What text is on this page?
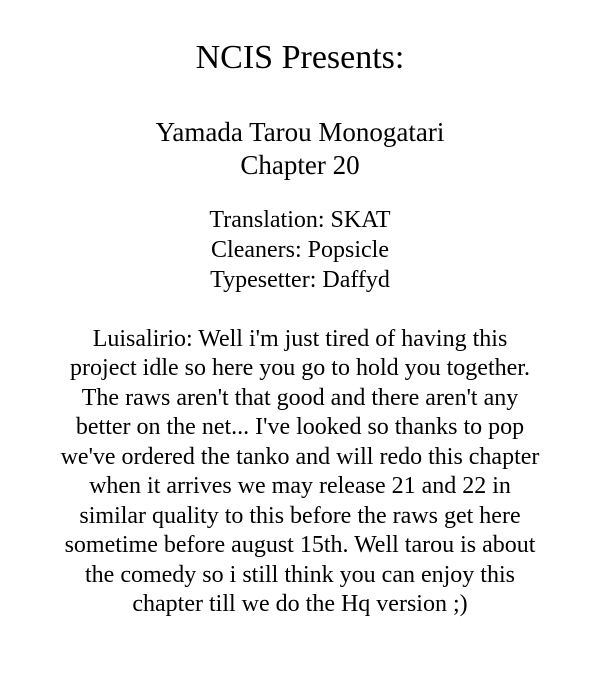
NCIS Presents:
Yamada Tarou Monogatari
Chapter 20
Translation: SKAT
Cleaners: Popsicle
Typesetter: Daffyd
Luisalirio: Well i'm just tired of having this
project idle so here you go to hold you together.
The raws aren't that good and there aren't any
better on the net... I've looked so thanks to pop
we've ordered the tanko and will redo this chapter
when it arrives we may release 21 and 22 in
similar quality to this before the raws get here
sometime before august 15th. Well tarou is about
the comedy so i still think you can enjoy this
chapter till we do the Hq version ;)
